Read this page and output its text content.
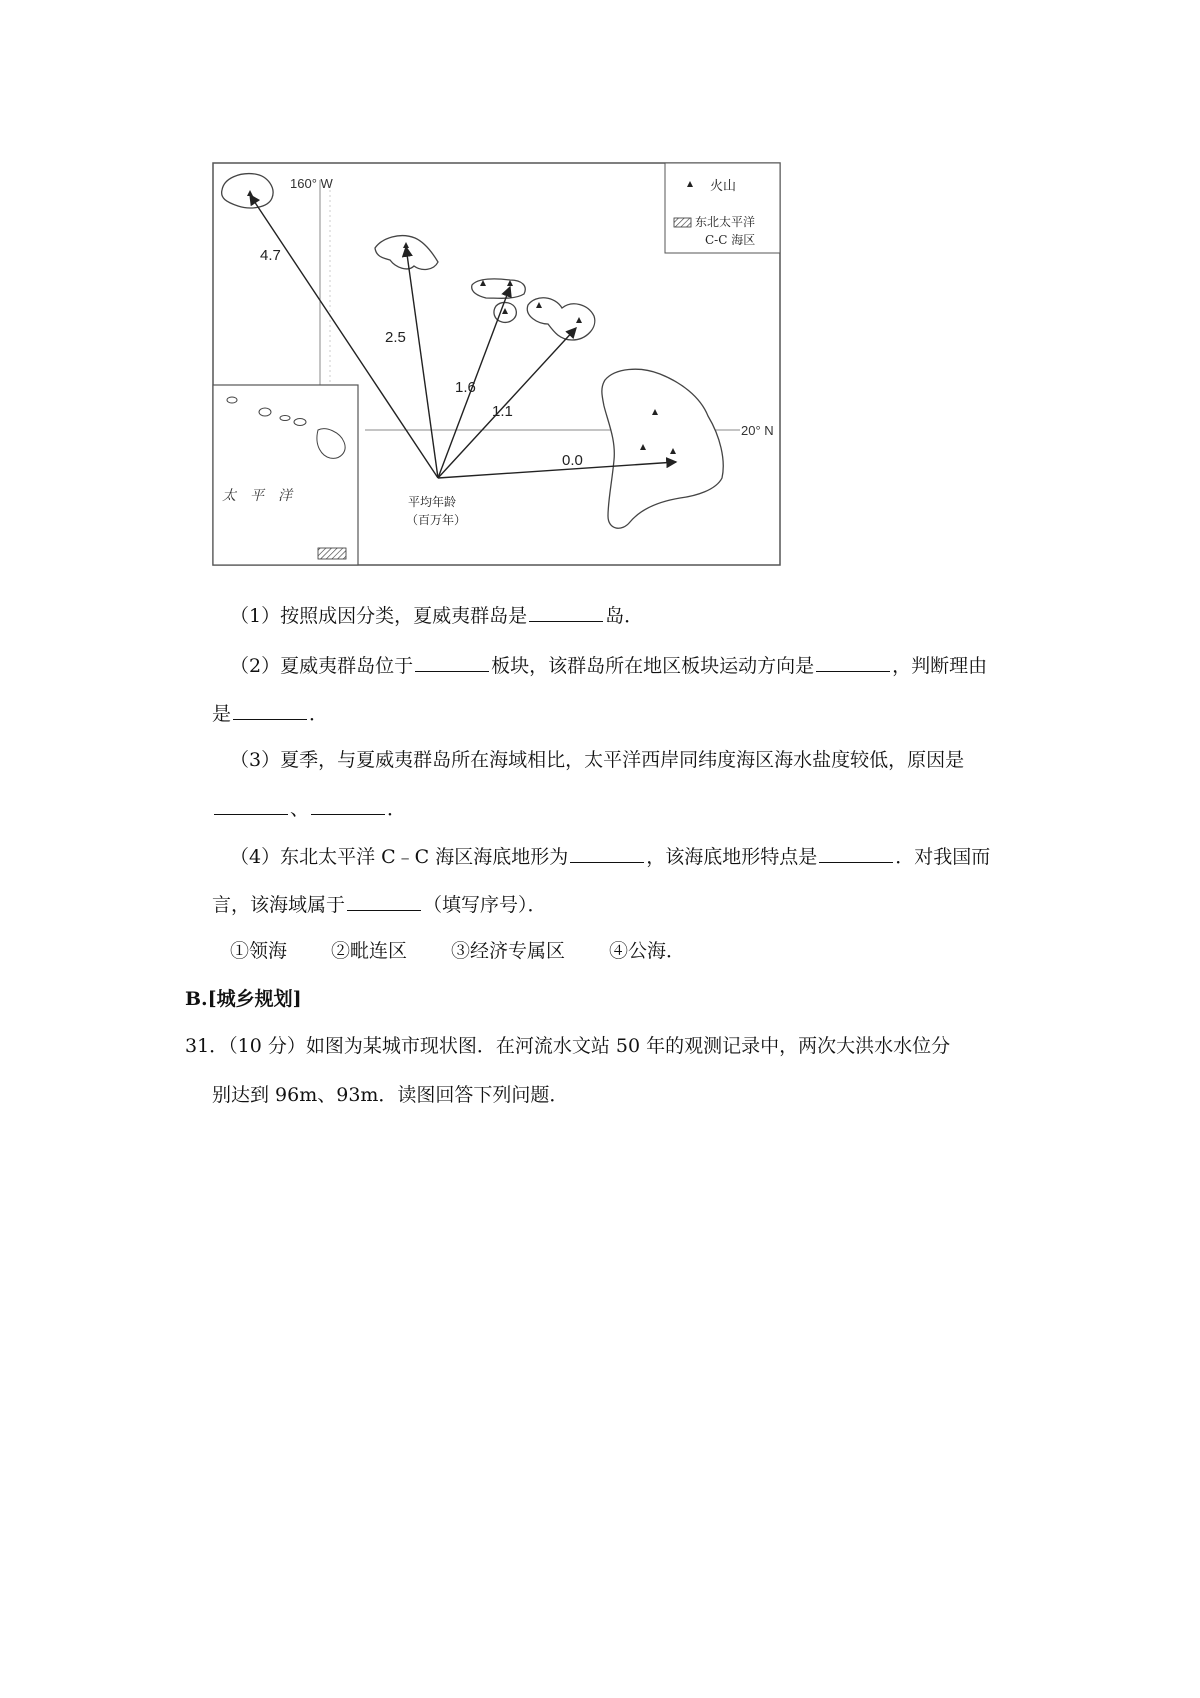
160° W
20° N
火山
东北太平洋
C-C 海区
太　平　洋
4.7
2.5
1.6
1.1
0.0
平均年龄
（百万年）
（1）按照成因分类，夏威夷群岛是	岛．
（2）夏威夷群岛位于	板块，该群岛所在地区板块运动方向是	，判断理由
是	．
（3）夏季，与夏威夷群岛所在海域相比，太平洋西岸同纬度海区海水盐度较低，原因是
、	．
（4）东北太平洋 C﹣C 海区海底地形为	，该海底地形特点是	．对我国而
言，该海域属于	（填写序号）．
①领海 ②毗连区 ③经济专属区 ④公海．
B.[城乡规划]
31．（10 分）如图为某城市现状图．在河流水文站 50 年的观测记录中，两次大洪水水位分
别达到 96m、93m．读图回答下列问题．
